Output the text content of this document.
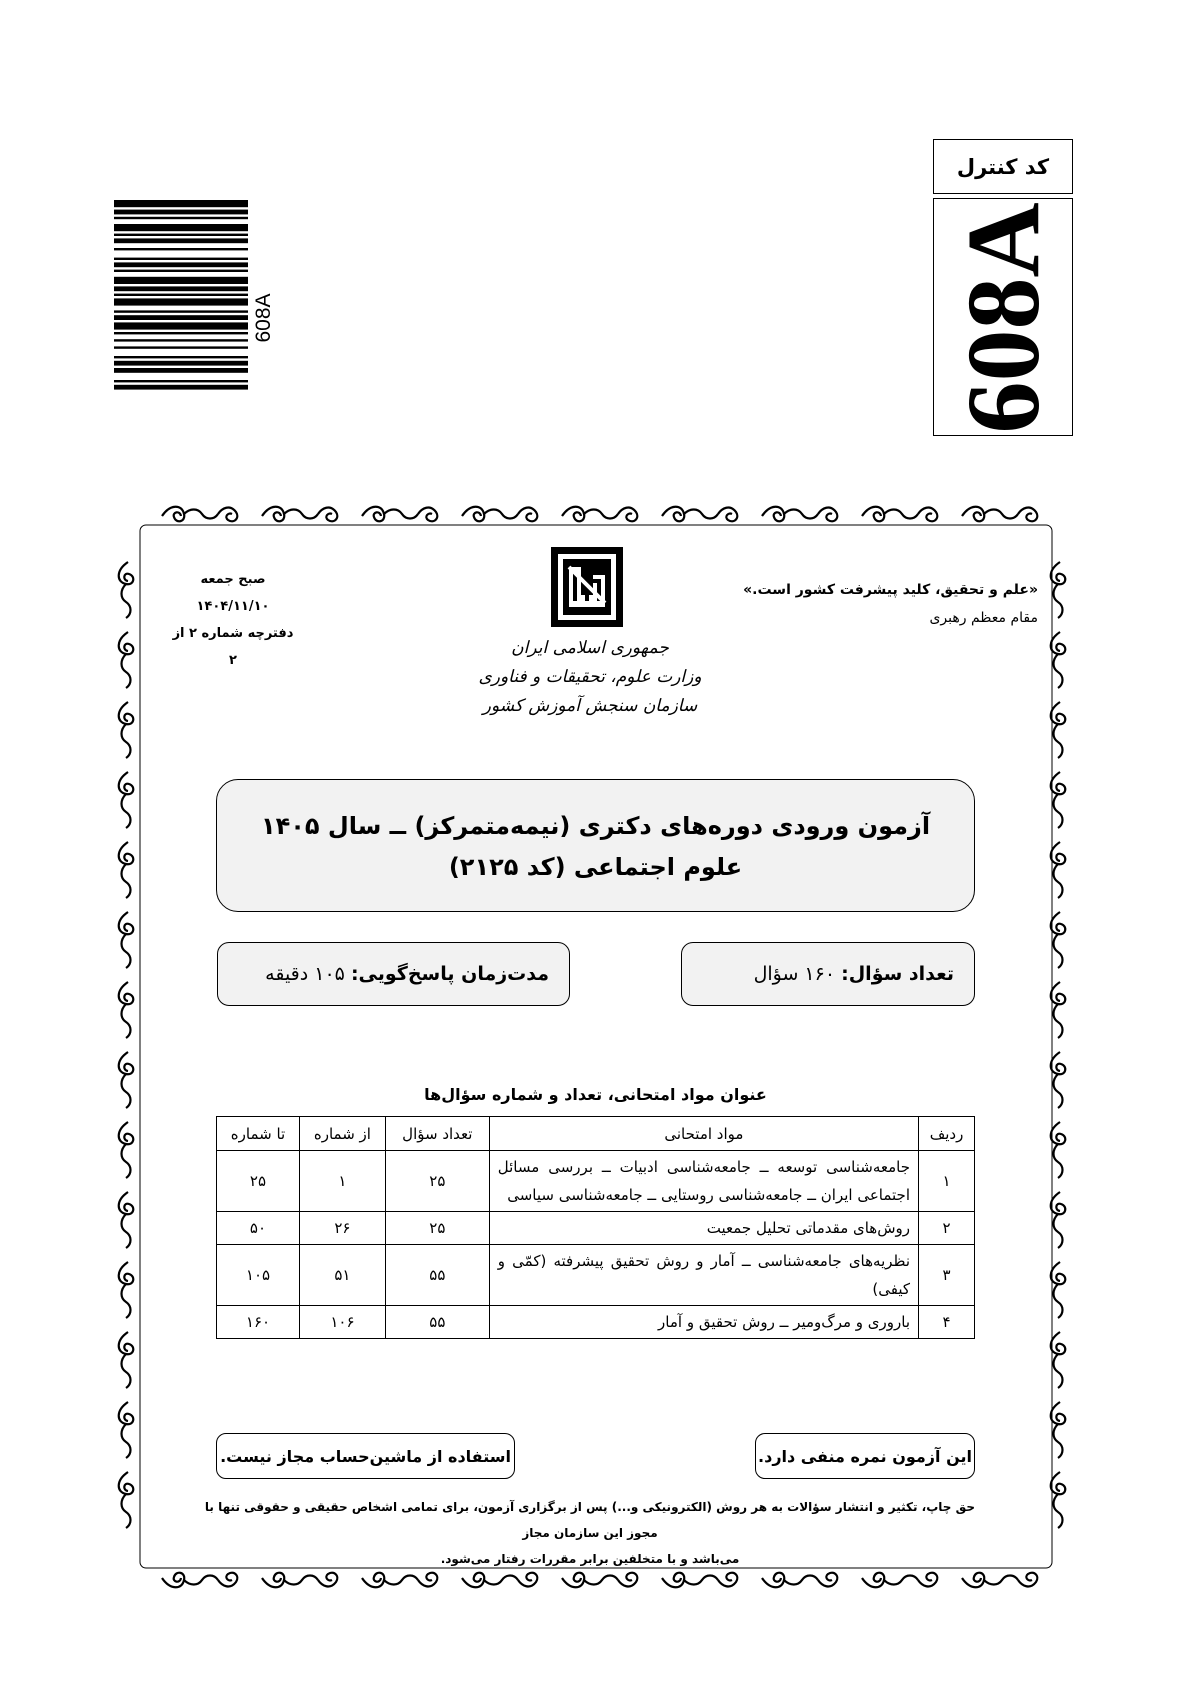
کد کنترل
608A
608A
«علم و تحقیق، کلید پیشرفت کشور است.»
مقام معظم رهبری
صبح جمعه
۱۴۰۴/۱۱/۱۰
دفترچه شماره ۲ از ۲
جمهوری اسلامی ایران
وزارت علوم، تحقیقات و فناوری
سازمان سنجش آموزش کشور
آزمون ورودی دوره‌های دکتری (نیمه‌متمرکز) ــ سال ۱۴۰۵
علوم اجتماعی (کد ۲۱۲۵)
تعداد سؤال:

۱۶۰ سؤال
مدت‌زمان پاسخ‌گویی:

۱۰۵ دقیقه
عنوان مواد امتحانی، تعداد و شماره سؤال‌ها
ردیف	مواد امتحانی	تعداد سؤال	از شماره	تا شماره
۱	جامعه‌شناسی توسعه ــ جامعه‌شناسی ادبیات ــ بررسی مسائل اجتماعی ایران ــ جامعه‌شناسی روستایی ــ جامعه‌شناسی سیاسی	۲۵	۱	۲۵
۲	روش‌های مقدماتی تحلیل جمعیت	۲۵	۲۶	۵۰
۳	نظریه‌های جامعه‌شناسی ــ آمار و روش تحقیق پیشرفته (کمّی و کیفی)	۵۵	۵۱	۱۰۵
۴	باروری و مرگ‌ومیر ــ روش تحقیق و آمار	۵۵	۱۰۶	۱۶۰
این آزمون نمره منفی دارد.
استفاده از ماشین‌حساب مجاز نیست.
حق چاپ، تکثیر و انتشار سؤالات به هر روش (الکترونیکی و...) پس از برگزاری آزمون، برای تمامی اشخاص حقیقی و حقوقی تنها با مجوز این سازمان مجاز
می‌باشد و با متخلفین برابر مقررات رفتار می‌شود.
